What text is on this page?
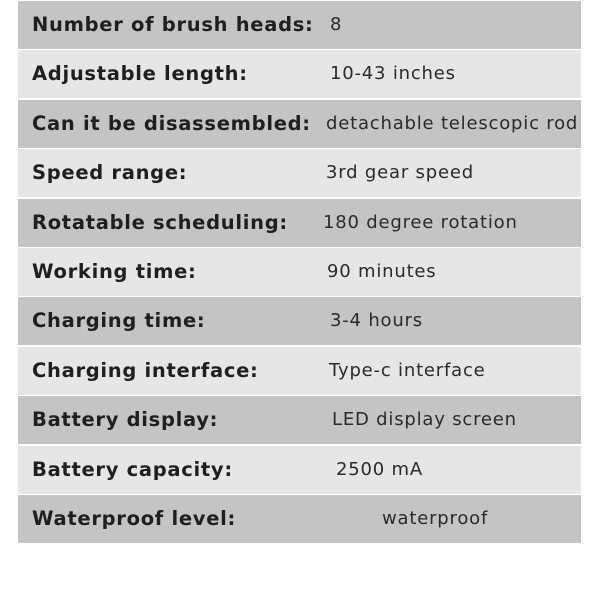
Number of brush heads: 8
Adjustable length:	10-43 inches
Can it be disassembled: detachable telescopic rod
Speed range:	3rd gear speed
Rotatable scheduling: 180 degree rotation
Working time:	90 minutes
Charging time:	3-4 hours
Charging interface:	Type-c interface
Battery display:	LED display screen
Battery capacity:	2500 mA
Waterproof level:	waterproof
